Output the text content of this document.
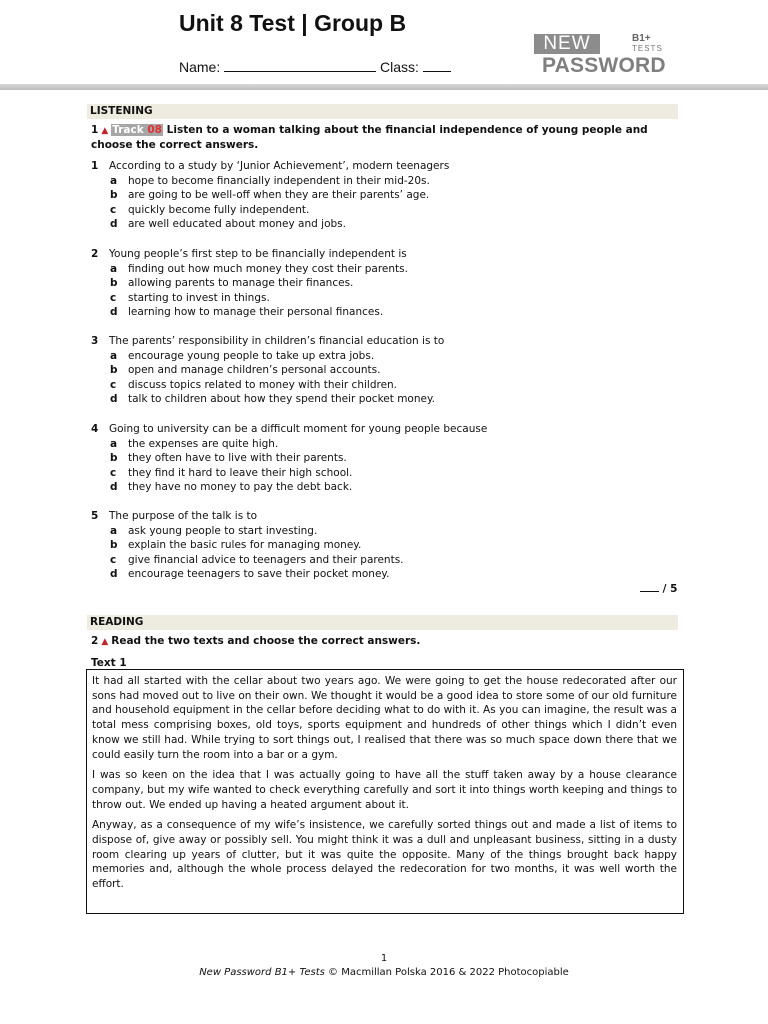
Unit 8 Test | Group B
Name:	Class:
NEW	B1+
TESTS
PASSWORD
LISTENING
1 ▲ Track 08 Listen to a woman talking about the financial independence of young people and choose the correct answers.
1 According to a study by ‘Junior Achievement’, modern teenagers
a hope to become financially independent in their mid-20s.
b are going to be well-off when they are their parents’ age.
c quickly become fully independent.
d are well educated about money and jobs.
2 Young people’s first step to be financially independent is
a finding out how much money they cost their parents.
b allowing parents to manage their finances.
c starting to invest in things.
d learning how to manage their personal finances.
3 The parents’ responsibility in children’s financial education is to
a encourage young people to take up extra jobs.
b open and manage children’s personal accounts.
c discuss topics related to money with their children.
d talk to children about how they spend their pocket money.
4 Going to university can be a difficult moment for young people because
a the expenses are quite high.
b they often have to live with their parents.
c they find it hard to leave their high school.
d they have no money to pay the debt back.
5 The purpose of the talk is to
a ask young people to start investing.
b explain the basic rules for managing money.
c give financial advice to teenagers and their parents.
d encourage teenagers to save their pocket money.
/ 5
READING
2 ▲ Read the two texts and choose the correct answers.
Text 1

It had all started with the cellar about two years ago. We were going to get the house redecorated after our sons had moved out to live on their own. We thought it would be a good idea to store some of our old furniture and household equipment in the cellar before deciding what to do with it. As you can imagine, the result was a total mess comprising boxes, old toys, sports equipment and hundreds of other things which I didn’t even know we still had. While trying to sort things out, I realised that there was so much space down there that we could easily turn the room into a bar or a gym.

I was so keen on the idea that I was actually going to have all the stuff taken away by a house clearance company, but my wife wanted to check everything carefully and sort it into things worth keeping and things to throw out. We ended up having a heated argument about it.

Anyway, as a consequence of my wife’s insistence, we carefully sorted things out and made a list of items to dispose of, give away or possibly sell. You might think it was a dull and unpleasant business, sitting in a dusty room clearing up years of clutter, but it was quite the opposite. Many of the things brought back happy memories and, although the whole process delayed the redecoration for two months, it was well worth the effort.

1
New Password B1+ Tests © Macmillan Polska 2016 & 2022 Photocopiable
